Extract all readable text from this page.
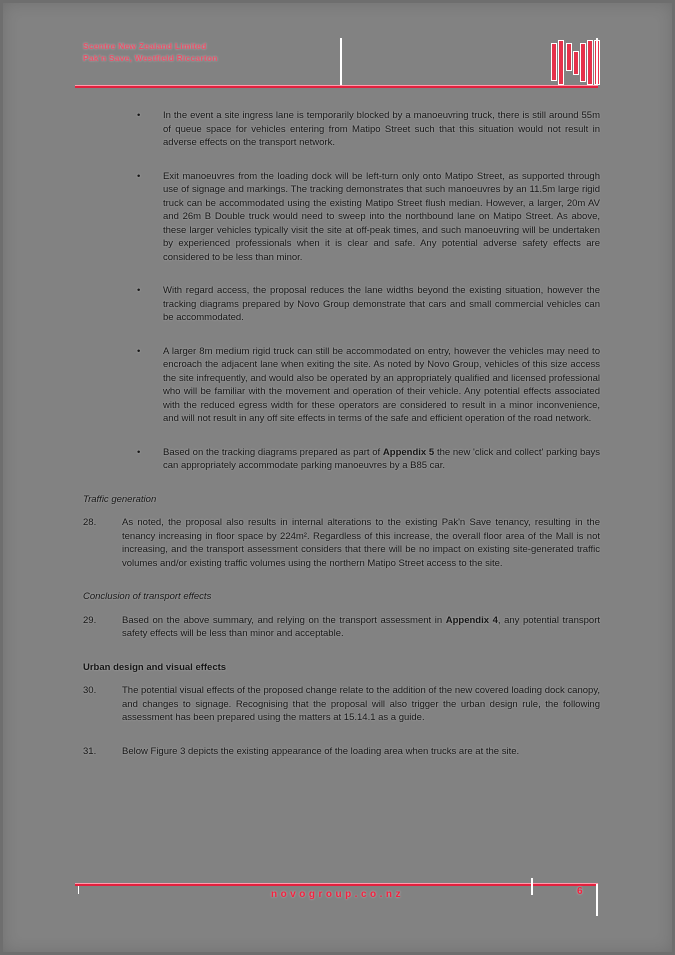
Scentre New Zealand Limited
Pak'n Save, Westfield Riccarton
•	In the event a site ingress lane is temporarily blocked by a manoeuvring truck, there is still around 55m of queue space for vehicles entering from Matipo Street such that this situation would not result in adverse effects on the transport network.
•	Exit manoeuvres from the loading dock will be left-turn only onto Matipo Street, as supported through use of signage and markings. The tracking demonstrates that such manoeuvres by an 11.5m large rigid truck can be accommodated using the existing Matipo Street flush median. However, a larger, 20m AV and 26m B Double truck would need to sweep into the northbound lane on Matipo Street. As above, these larger vehicles typically visit the site at off-peak times, and such manoeuvring will be undertaken by experienced professionals when it is clear and safe. Any potential adverse safety effects are considered to be less than minor.
•	With regard access, the proposal reduces the lane widths beyond the existing situation, however the tracking diagrams prepared by Novo Group demonstrate that cars and small commercial vehicles can be accommodated.
•	A larger 8m medium rigid truck can still be accommodated on entry, however the vehicles may need to encroach the adjacent lane when exiting the site. As noted by Novo Group, vehicles of this size access the site infrequently, and would also be operated by an appropriately qualified and licensed professional who will be familiar with the movement and operation of their vehicle. Any potential effects associated with the reduced egress width for these operators are considered to result in a minor inconvenience, and will not result in any off site effects in terms of the safe and efficient operation of the road network.
•	Based on the tracking diagrams prepared as part of Appendix 5 the new 'click and collect' parking bays can appropriately accommodate parking manoeuvres by a B85 car.
Traffic generation
28.	As noted, the proposal also results in internal alterations to the existing Pak'n Save tenancy, resulting in the tenancy increasing in floor space by 224m². Regardless of this increase, the overall floor area of the Mall is not increasing, and the transport assessment considers that there will be no impact on existing site-generated traffic volumes and/or existing traffic volumes using the northern Matipo Street access to the site.
Conclusion of transport effects
29.	Based on the above summary, and relying on the transport assessment in Appendix 4, any potential transport safety effects will be less than minor and acceptable.
Urban design and visual effects
30.	The potential visual effects of the proposed change relate to the addition of the new covered loading dock canopy, and changes to signage. Recognising that the proposal will also trigger the urban design rule, the following assessment has been prepared using the matters at 15.14.1 as a guide.
31.	Below Figure 3 depicts the existing appearance of the loading area when trucks are at the site.
novogroup.co.nz	6
